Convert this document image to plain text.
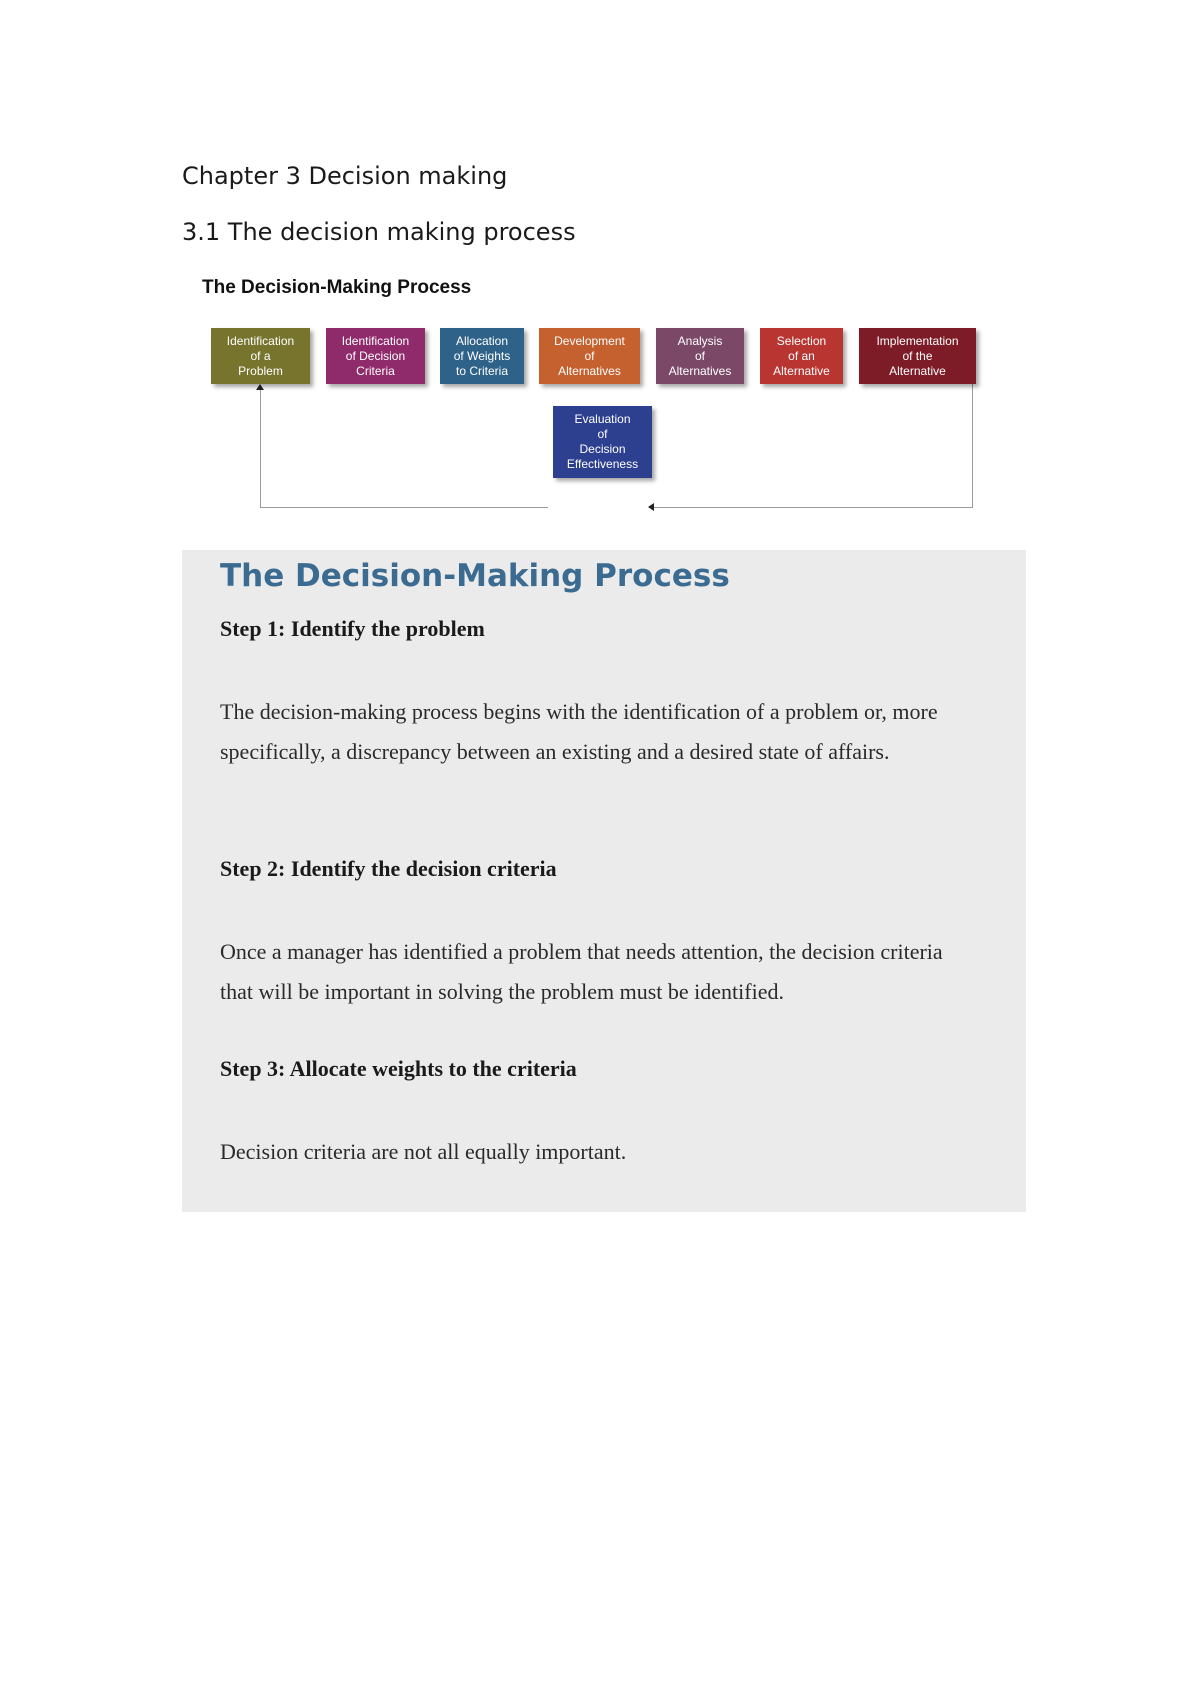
Chapter 3 Decision making
3.1 The decision making process
The Decision-Making Process
Identification
of a
Problem
Identification
of Decision
Criteria
Allocation
of Weights
to Criteria
Development
of
Alternatives
Analysis
of
Alternatives
Selection
of an
Alternative
Implementation
of the
Alternative
Evaluation
of
Decision
Effectiveness
The Decision-Making Process
Step 1: Identify the problem

The decision-making process begins with the identification of a problem or, more specifically, a discrepancy between an existing and a desired state of affairs.

Step 2: Identify the decision criteria

Once a manager has identified a problem that needs attention, the decision criteria that will be important in solving the problem must be identified.

Step 3: Allocate weights to the criteria

Decision criteria are not all equally important.
